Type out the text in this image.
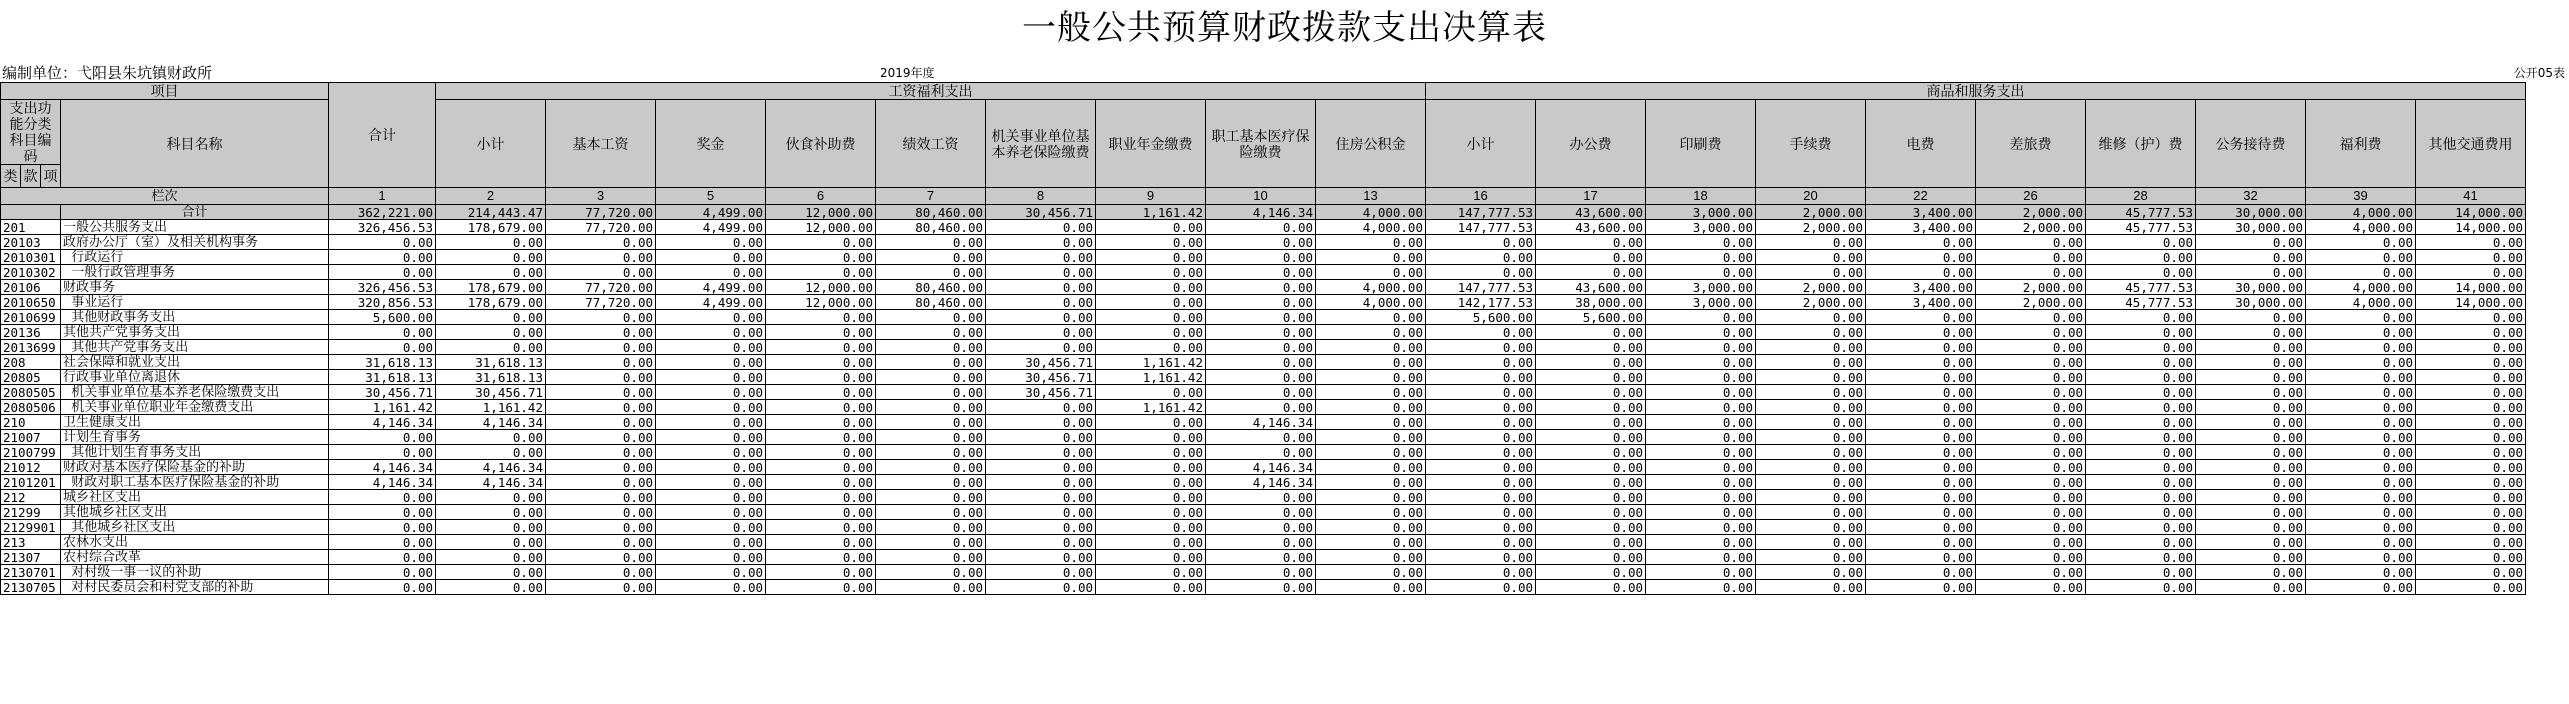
一般公共预算财政拨款支出决算表
编制单位：弋阳县朱坑镇财政所	2019年度	公开05表
项目				合计	工资福利支出									商品和服务支出									
支出功能分类科目编码			科目名称		小计	基本工资	奖金	伙食补助费	绩效工资	机关事业单位基本养老保险缴费	职业年金缴费	职工基本医疗保险缴费	住房公积金	小计	办公费	印刷费	手续费	电费	差旅费	维修（护）费	公务接待费	福利费	其他交通费用
类	款	项																					
栏次				1	2	3	5	6	7	8	9	10	13	16	17	18	20	22	26	28	32	39	41
			合计	362,221.00	214,443.47	77,720.00	4,499.00	12,000.00	80,460.00	30,456.71	1,161.42	4,146.34	4,000.00	147,777.53	43,600.00	3,000.00	2,000.00	3,400.00	2,000.00	45,777.53	30,000.00	4,000.00	14,000.00
201			一般公共服务支出	326,456.53	178,679.00	77,720.00	4,499.00	12,000.00	80,460.00	0.00	0.00	0.00	4,000.00	147,777.53	43,600.00	3,000.00	2,000.00	3,400.00	2,000.00	45,777.53	30,000.00	4,000.00	14,000.00
20103			政府办公厅（室）及相关机构事务	0.00	0.00	0.00	0.00	0.00	0.00	0.00	0.00	0.00	0.00	0.00	0.00	0.00	0.00	0.00	0.00	0.00	0.00	0.00	0.00
2010301			行政运行	0.00	0.00	0.00	0.00	0.00	0.00	0.00	0.00	0.00	0.00	0.00	0.00	0.00	0.00	0.00	0.00	0.00	0.00	0.00	0.00
2010302			一般行政管理事务	0.00	0.00	0.00	0.00	0.00	0.00	0.00	0.00	0.00	0.00	0.00	0.00	0.00	0.00	0.00	0.00	0.00	0.00	0.00	0.00
20106			财政事务	326,456.53	178,679.00	77,720.00	4,499.00	12,000.00	80,460.00	0.00	0.00	0.00	4,000.00	147,777.53	43,600.00	3,000.00	2,000.00	3,400.00	2,000.00	45,777.53	30,000.00	4,000.00	14,000.00
2010650			事业运行	320,856.53	178,679.00	77,720.00	4,499.00	12,000.00	80,460.00	0.00	0.00	0.00	4,000.00	142,177.53	38,000.00	3,000.00	2,000.00	3,400.00	2,000.00	45,777.53	30,000.00	4,000.00	14,000.00
2010699			其他财政事务支出	5,600.00	0.00	0.00	0.00	0.00	0.00	0.00	0.00	0.00	0.00	5,600.00	5,600.00	0.00	0.00	0.00	0.00	0.00	0.00	0.00	0.00
20136			其他共产党事务支出	0.00	0.00	0.00	0.00	0.00	0.00	0.00	0.00	0.00	0.00	0.00	0.00	0.00	0.00	0.00	0.00	0.00	0.00	0.00	0.00
2013699			其他共产党事务支出	0.00	0.00	0.00	0.00	0.00	0.00	0.00	0.00	0.00	0.00	0.00	0.00	0.00	0.00	0.00	0.00	0.00	0.00	0.00	0.00
208			社会保障和就业支出	31,618.13	31,618.13	0.00	0.00	0.00	0.00	30,456.71	1,161.42	0.00	0.00	0.00	0.00	0.00	0.00	0.00	0.00	0.00	0.00	0.00	0.00
20805			行政事业单位离退休	31,618.13	31,618.13	0.00	0.00	0.00	0.00	30,456.71	1,161.42	0.00	0.00	0.00	0.00	0.00	0.00	0.00	0.00	0.00	0.00	0.00	0.00
2080505			机关事业单位基本养老保险缴费支出	30,456.71	30,456.71	0.00	0.00	0.00	0.00	30,456.71	0.00	0.00	0.00	0.00	0.00	0.00	0.00	0.00	0.00	0.00	0.00	0.00	0.00
2080506			机关事业单位职业年金缴费支出	1,161.42	1,161.42	0.00	0.00	0.00	0.00	0.00	1,161.42	0.00	0.00	0.00	0.00	0.00	0.00	0.00	0.00	0.00	0.00	0.00	0.00
210			卫生健康支出	4,146.34	4,146.34	0.00	0.00	0.00	0.00	0.00	0.00	4,146.34	0.00	0.00	0.00	0.00	0.00	0.00	0.00	0.00	0.00	0.00	0.00
21007			计划生育事务	0.00	0.00	0.00	0.00	0.00	0.00	0.00	0.00	0.00	0.00	0.00	0.00	0.00	0.00	0.00	0.00	0.00	0.00	0.00	0.00
2100799			其他计划生育事务支出	0.00	0.00	0.00	0.00	0.00	0.00	0.00	0.00	0.00	0.00	0.00	0.00	0.00	0.00	0.00	0.00	0.00	0.00	0.00	0.00
21012			财政对基本医疗保险基金的补助	4,146.34	4,146.34	0.00	0.00	0.00	0.00	0.00	0.00	4,146.34	0.00	0.00	0.00	0.00	0.00	0.00	0.00	0.00	0.00	0.00	0.00
2101201			财政对职工基本医疗保险基金的补助	4,146.34	4,146.34	0.00	0.00	0.00	0.00	0.00	0.00	4,146.34	0.00	0.00	0.00	0.00	0.00	0.00	0.00	0.00	0.00	0.00	0.00
212			城乡社区支出	0.00	0.00	0.00	0.00	0.00	0.00	0.00	0.00	0.00	0.00	0.00	0.00	0.00	0.00	0.00	0.00	0.00	0.00	0.00	0.00
21299			其他城乡社区支出	0.00	0.00	0.00	0.00	0.00	0.00	0.00	0.00	0.00	0.00	0.00	0.00	0.00	0.00	0.00	0.00	0.00	0.00	0.00	0.00
2129901			其他城乡社区支出	0.00	0.00	0.00	0.00	0.00	0.00	0.00	0.00	0.00	0.00	0.00	0.00	0.00	0.00	0.00	0.00	0.00	0.00	0.00	0.00
213			农林水支出	0.00	0.00	0.00	0.00	0.00	0.00	0.00	0.00	0.00	0.00	0.00	0.00	0.00	0.00	0.00	0.00	0.00	0.00	0.00	0.00
21307			农村综合改革	0.00	0.00	0.00	0.00	0.00	0.00	0.00	0.00	0.00	0.00	0.00	0.00	0.00	0.00	0.00	0.00	0.00	0.00	0.00	0.00
2130701			对村级一事一议的补助	0.00	0.00	0.00	0.00	0.00	0.00	0.00	0.00	0.00	0.00	0.00	0.00	0.00	0.00	0.00	0.00	0.00	0.00	0.00	0.00
2130705			对村民委员会和村党支部的补助	0.00	0.00	0.00	0.00	0.00	0.00	0.00	0.00	0.00	0.00	0.00	0.00	0.00	0.00	0.00	0.00	0.00	0.00	0.00	0.00
